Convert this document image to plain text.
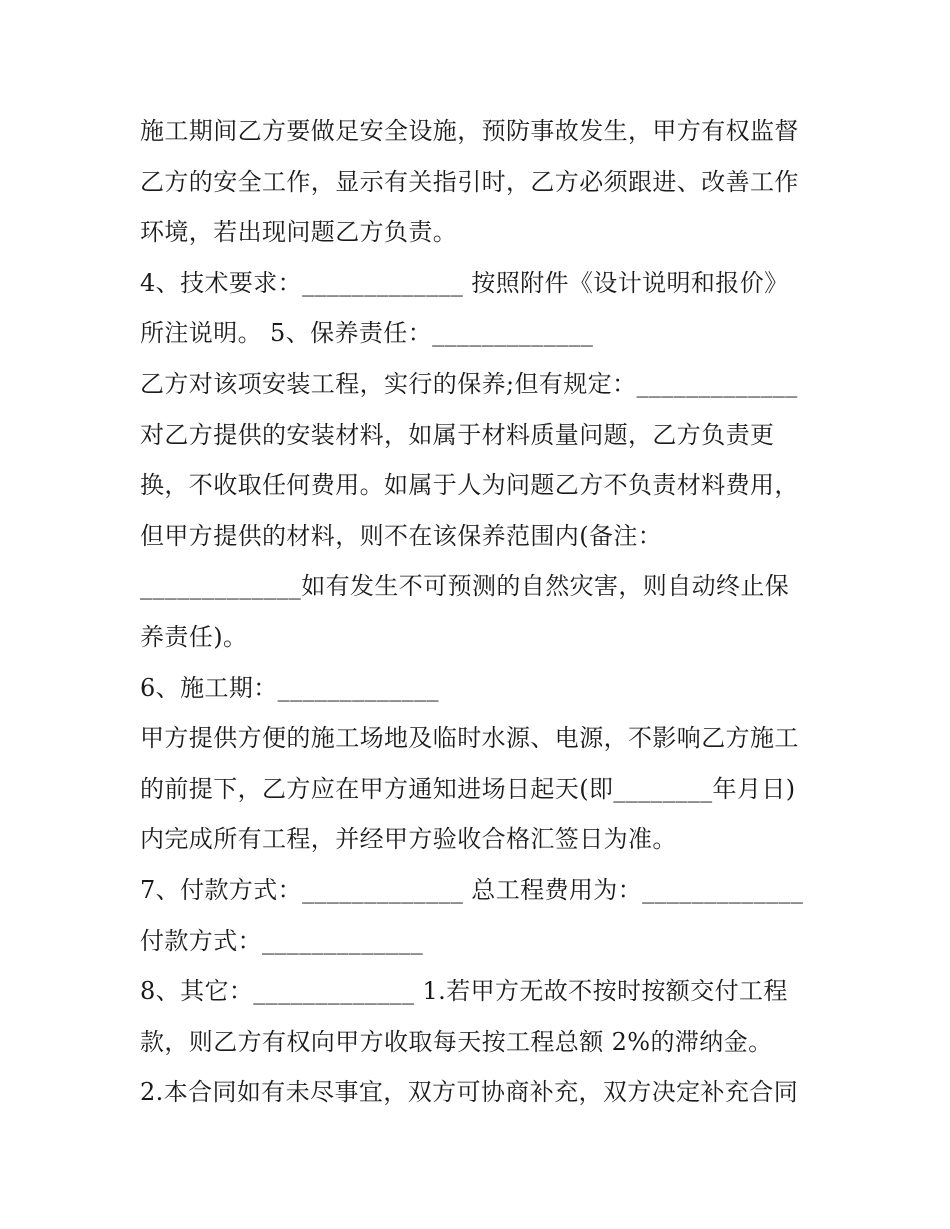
施工期间乙方要做足安全设施，预防事故发生，甲方有权监督
乙方的安全工作，显示有关指引时，乙方必须跟进、改善工作
环境，若出现问题乙方负责。
4、技术要求：_____________ 按照附件《设计说明和报价》
所注说明。 5、保养责任：_____________
乙方对该项安装工程，实行的保养;但有规定：_____________
对乙方提供的安装材料，如属于材料质量问题，乙方负责更
换，不收取任何费用。如属于人为问题乙方不负责材料费用，
但甲方提供的材料，则不在该保养范围内(备注：
_____________如有发生不可预测的自然灾害，则自动终止保
养责任)。
6、施工期：_____________
甲方提供方便的施工场地及临时水源、电源，不影响乙方施工
的前提下，乙方应在甲方通知进场日起天(即________年月日)
内完成所有工程，并经甲方验收合格汇签日为准。
7、付款方式：_____________ 总工程费用为：_____________
付款方式：_____________
8、其它：_____________ 1.若甲方无故不按时按额交付工程
款，则乙方有权向甲方收取每天按工程总额 2%的滞纳金。
2.本合同如有未尽事宜，双方可协商补充，双方决定补充合同
